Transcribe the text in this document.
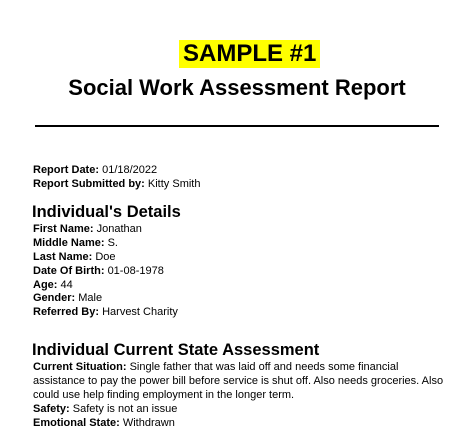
SAMPLE #1
Social Work Assessment Report
Report Date: 01/18/2022
Report Submitted by: Kitty Smith
Individual's Details
First Name: Jonathan
Middle Name: S.
Last Name: Doe
Date Of Birth: 01-08-1978
Age: 44
Gender: Male
Referred By: Harvest Charity
Individual Current State Assessment
Current Situation: Single father that was laid off and needs some financial
assistance to pay the power bill before service is shut off. Also needs groceries. Also
could use help finding employment in the longer term.
Safety: Safety is not an issue
Emotional State: Withdrawn
